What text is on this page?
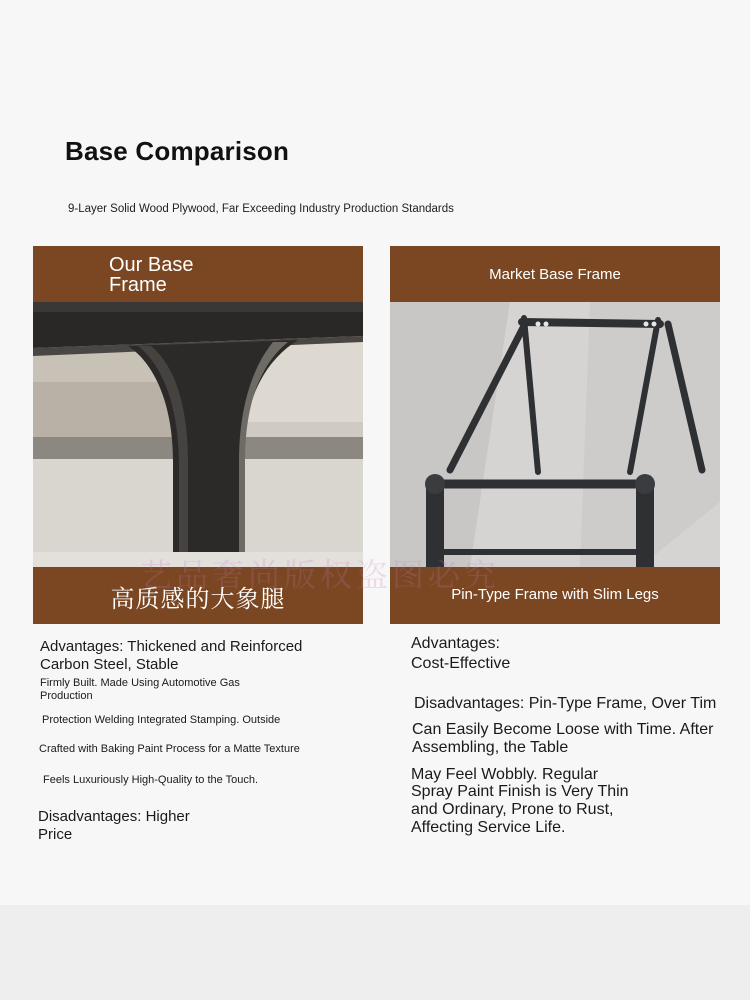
Base Comparison
9-Layer Solid Wood Plywood, Far Exceeding Industry Production Standards
Our Base
Frame
高质感的大象腿
Market Base Frame
Pin-Type Frame with Slim Legs
艺品奢尚版权盗图必究
Advantages: Thickened and Reinforced
Carbon Steel, Stable
Firmly Built. Made Using Automotive Gas
Production
Protection Welding Integrated Stamping. Outside
Crafted with Baking Paint Process for a Matte Texture
Feels Luxuriously High-Quality to the Touch.
Disadvantages: Higher
Price
Advantages:
Cost-Effective
Disadvantages: Pin-Type Frame, Over Tim
Can Easily Become Loose with Time. After
Assembling, the Table
May Feel Wobbly. Regular
Spray Paint Finish is Very Thin
and Ordinary, Prone to Rust,
Affecting Service Life.
